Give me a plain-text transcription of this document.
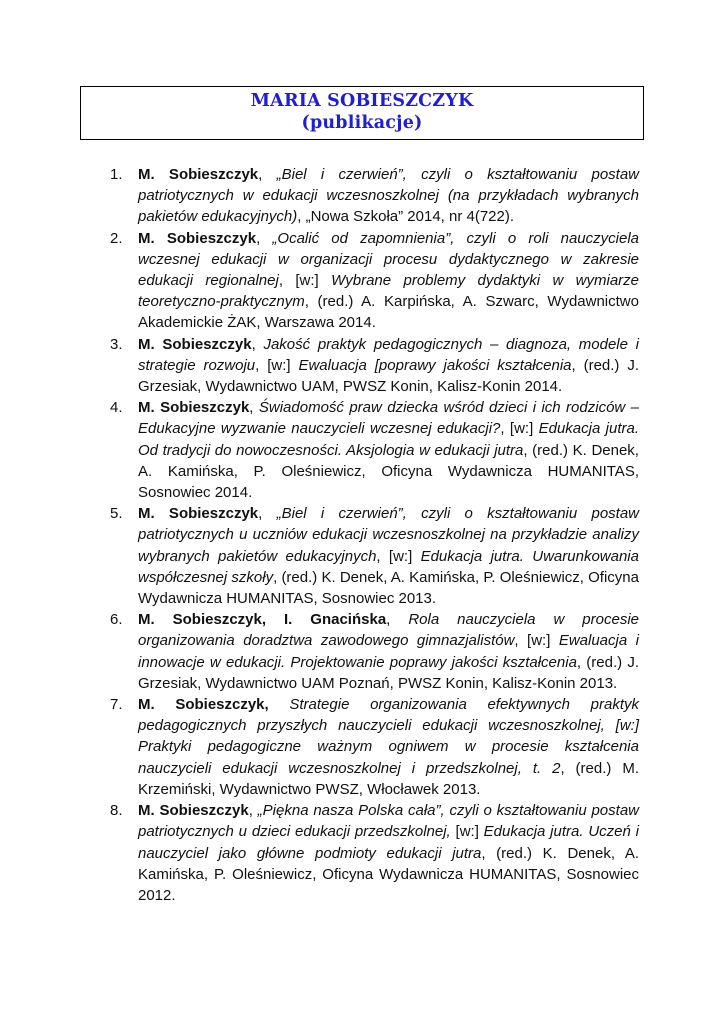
MARIA SOBIESZCZYK
(publikacje)
1. M. Sobieszczyk, „Biel i czerwień”, czyli o kształtowaniu postaw patriotycznych w edukacji wczesnoszkolnej (na przykładach wybranych pakietów edukacyjnych), „Nowa Szkoła” 2014, nr 4(722).
2. M. Sobieszczyk, „Ocalić od zapomnienia”, czyli o roli nauczyciela wczesnej edukacji w organizacji procesu dydaktycznego w zakresie edukacji regionalnej, [w:] Wybrane problemy dydaktyki w wymiarze teoretyczno-praktycznym, (red.) A. Karpińska, A. Szwarc, Wydawnictwo Akademickie ŻAK, Warszawa 2014.
3. M. Sobieszczyk, Jakość praktyk pedagogicznych – diagnoza, modele i strategie rozwoju, [w:] Ewaluacja [poprawy jakości kształcenia, (red.) J. Grzesiak, Wydawnictwo UAM, PWSZ Konin, Kalisz-Konin 2014.
4. M. Sobieszczyk, Świadomość praw dziecka wśród dzieci i ich rodziców – Edukacyjne wyzwanie nauczycieli wczesnej edukacji?, [w:] Edukacja jutra. Od tradycji do nowoczesności. Aksjologia w edukacji jutra, (red.) K. Denek, A. Kamińska, P. Oleśniewicz, Oficyna Wydawnicza HUMANITAS, Sosnowiec 2014.
5. M. Sobieszczyk, „Biel i czerwień”, czyli o kształtowaniu postaw patriotycznych u uczniów edukacji wczesnoszkolnej na przykładzie analizy wybranych pakietów edukacyjnych, [w:] Edukacja jutra. Uwarunkowania współczesnej szkoły, (red.) K. Denek, A. Kamińska, P. Oleśniewicz, Oficyna Wydawnicza HUMANITAS, Sosnowiec 2013.
6. M. Sobieszczyk, I. Gnacińska, Rola nauczyciela w procesie organizowania doradztwa zawodowego gimnazjalistów, [w:] Ewaluacja i innowacje w edukacji. Projektowanie poprawy jakości kształcenia, (red.) J. Grzesiak, Wydawnictwo UAM Poznań, PWSZ Konin, Kalisz-Konin 2013.
7. M. Sobieszczyk, Strategie organizowania efektywnych praktyk pedagogicznych przyszłych nauczycieli edukacji wczesnoszkolnej, [w:] Praktyki pedagogiczne ważnym ogniwem w procesie kształcenia nauczycieli edukacji wczesnoszkolnej i przedszkolnej, t. 2, (red.) M. Krzemiński, Wydawnictwo PWSZ, Włocławek 2013.
8. M. Sobieszczyk, „Piękna nasza Polska cała”, czyli o kształtowaniu postaw patriotycznych u dzieci edukacji przedszkolnej, [w:] Edukacja jutra. Uczeń i nauczyciel jako główne podmioty edukacji jutra, (red.) K. Denek, A. Kamińska, P. Oleśniewicz, Oficyna Wydawnicza HUMANITAS, Sosnowiec 2012.
